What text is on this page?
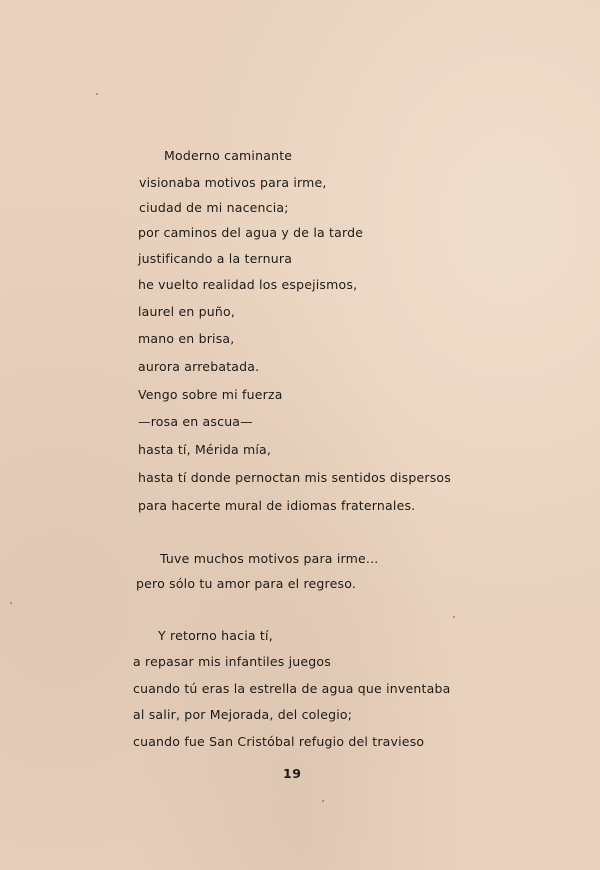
Moderno caminante
visionaba motivos para irme,
ciudad de mi nacencia;
por caminos del agua y de la tarde
justificando a la ternura
he vuelto realidad los espejismos,
laurel en puño,
mano en brisa,
aurora arrebatada.
Vengo sobre mi fuerza
—rosa en ascua—
hasta tí, Mérida mía,
hasta tí donde pernoctan mis sentidos dispersos
para hacerte mural de idiomas fraternales.
Tuve muchos motivos para irme...
pero sólo tu amor para el regreso.
Y retorno hacia tí,
a repasar mis infantiles juegos
cuando tú eras la estrella de agua que inventaba
al salir, por Mejorada, del colegio;
cuando fue San Cristóbal refugio del travieso
19
